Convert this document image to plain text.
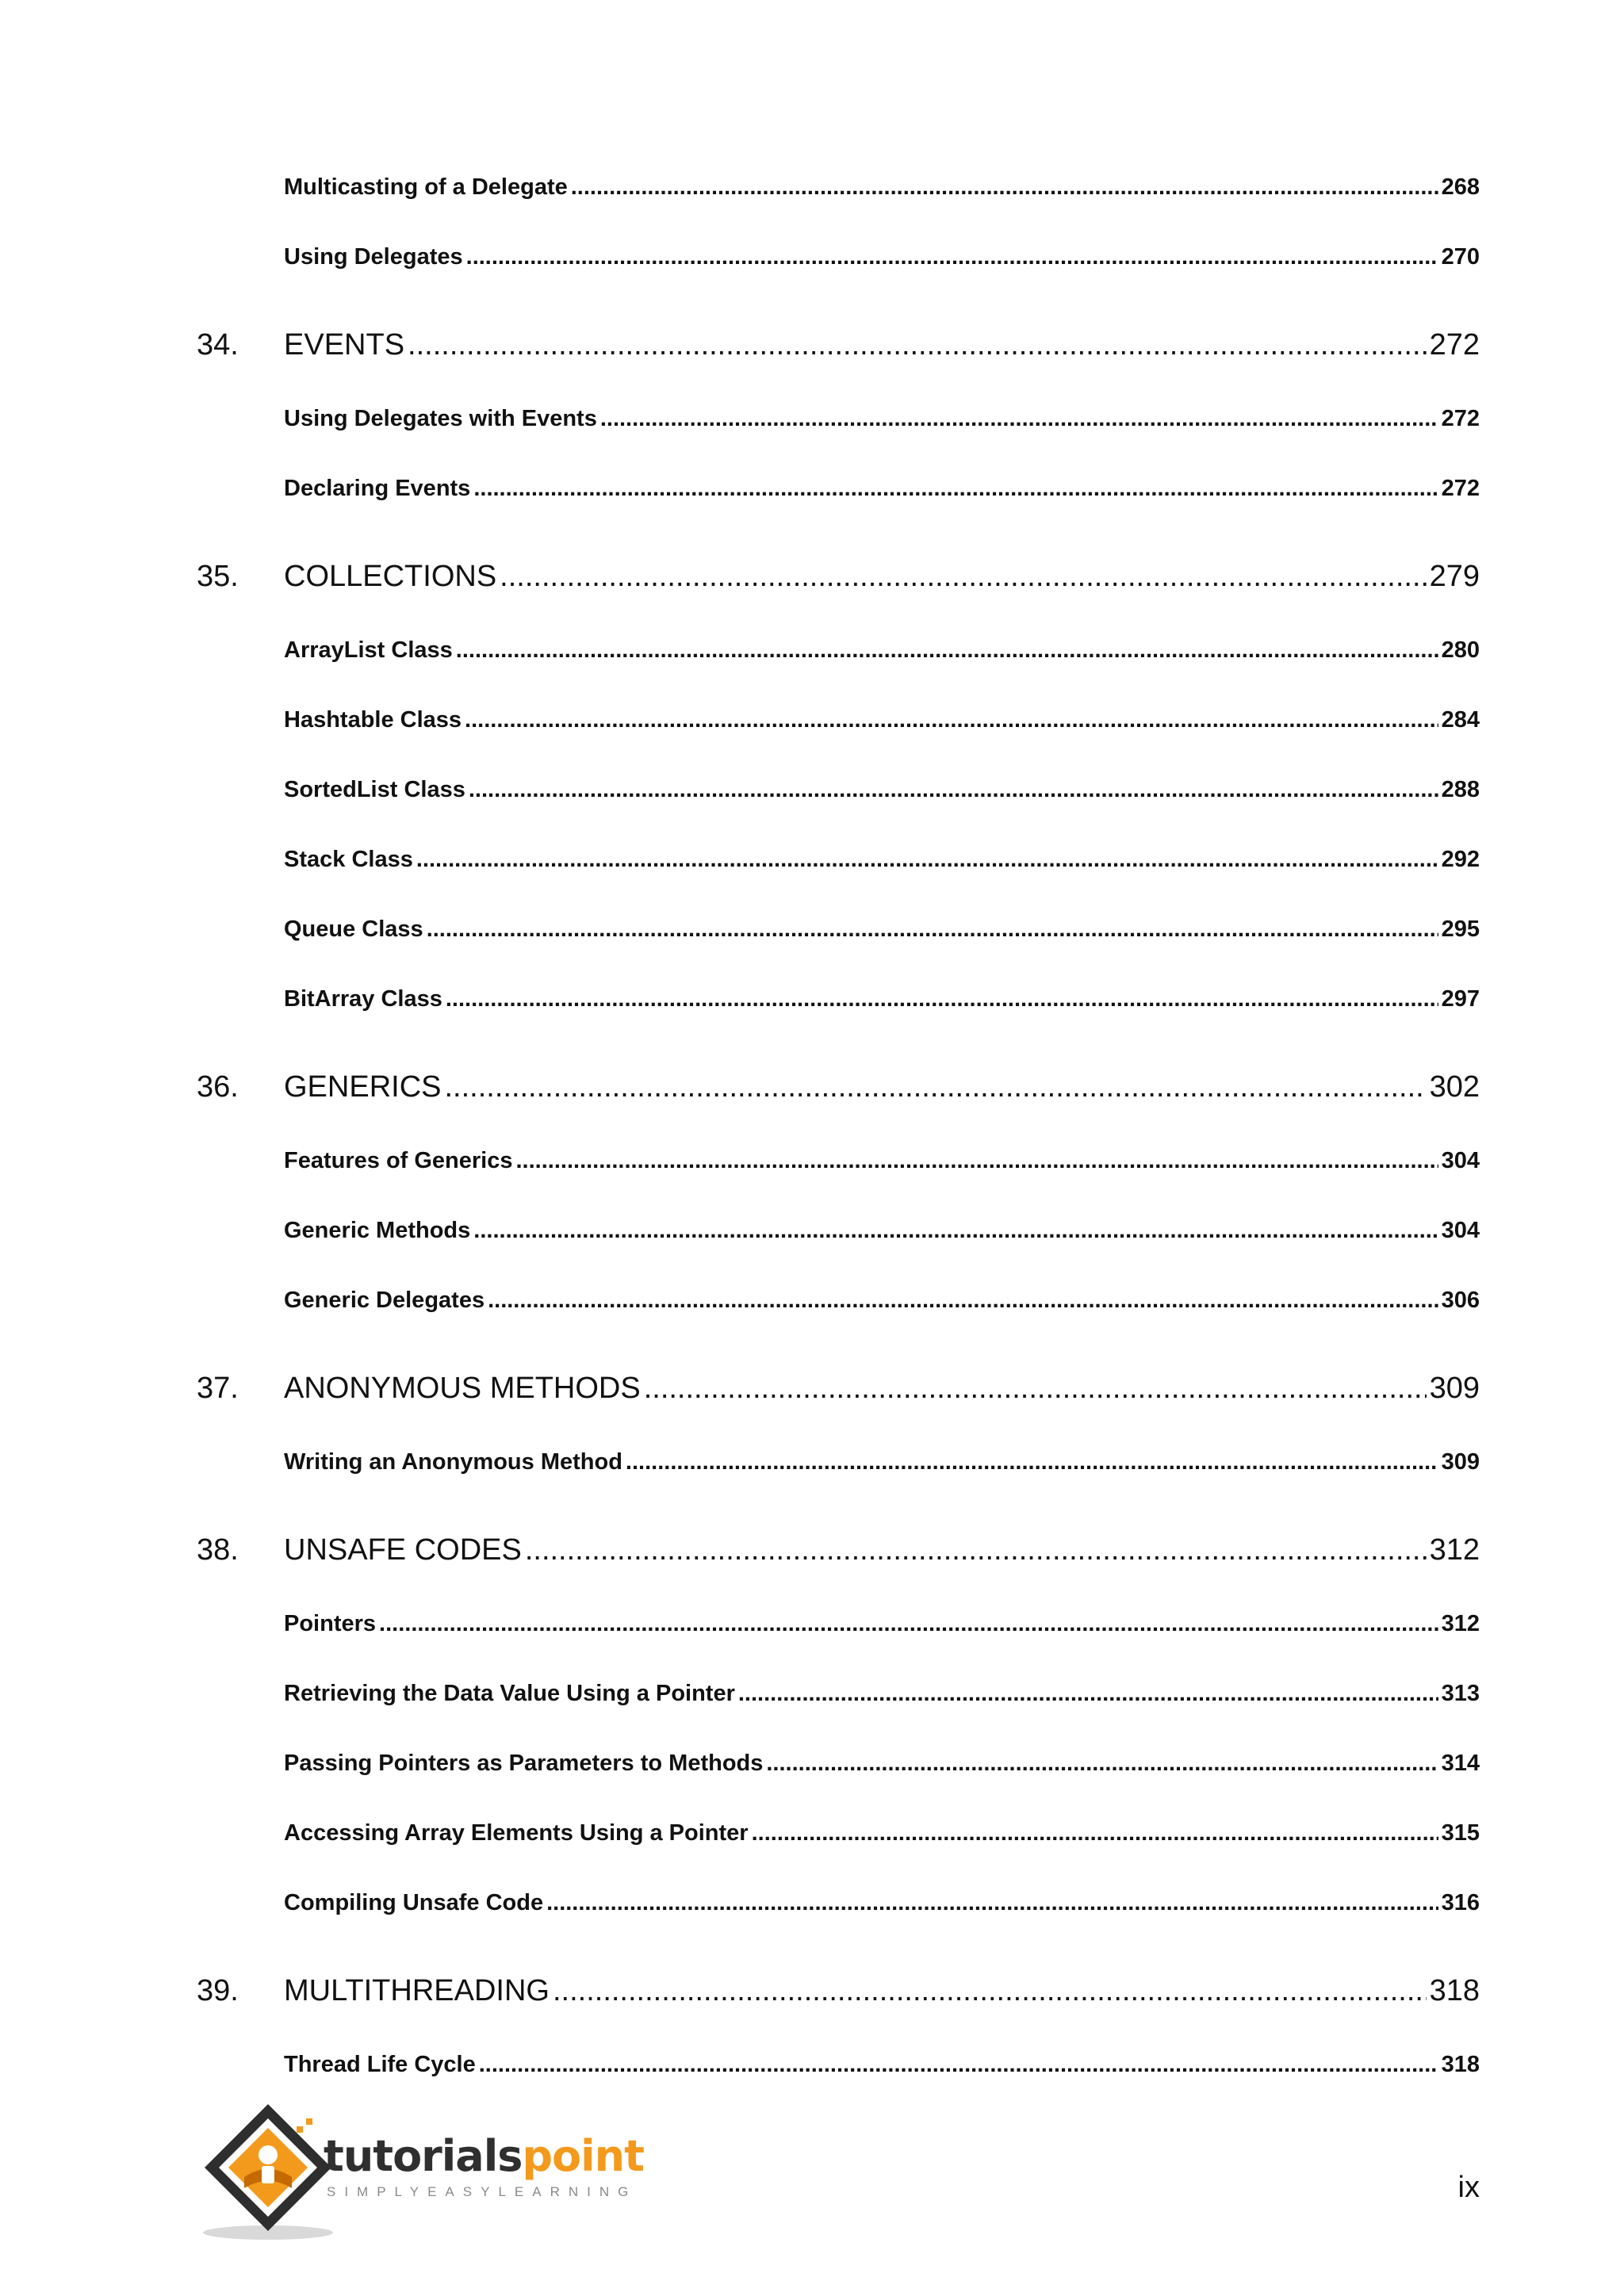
Multicasting of a Delegate .....	268
Using Delegates .....	270
34.	EVENTS .....	272
Using Delegates with Events .....	272
Declaring Events .....	272
35.	COLLECTIONS .....	279
ArrayList Class .....	280
Hashtable Class .....	284
SortedList Class .....	288
Stack Class .....	292
Queue Class .....	295
BitArray Class .....	297
36.	GENERICS .....	302
Features of Generics .....	304
Generic Methods .....	304
Generic Delegates .....	306
37.	ANONYMOUS METHODS .....	309
Writing an Anonymous Method .....	309
38.	UNSAFE CODES .....	312
Pointers .....	312
Retrieving the Data Value Using a Pointer .....	313
Passing Pointers as Parameters to Methods .....	314
Accessing Array Elements Using a Pointer .....	315
Compiling Unsafe Code .....	316
39.	MULTITHREADING .....	318
Thread Life Cycle .....	318
tutorialspoint
SIMPLYEASYLEARNING	ix
